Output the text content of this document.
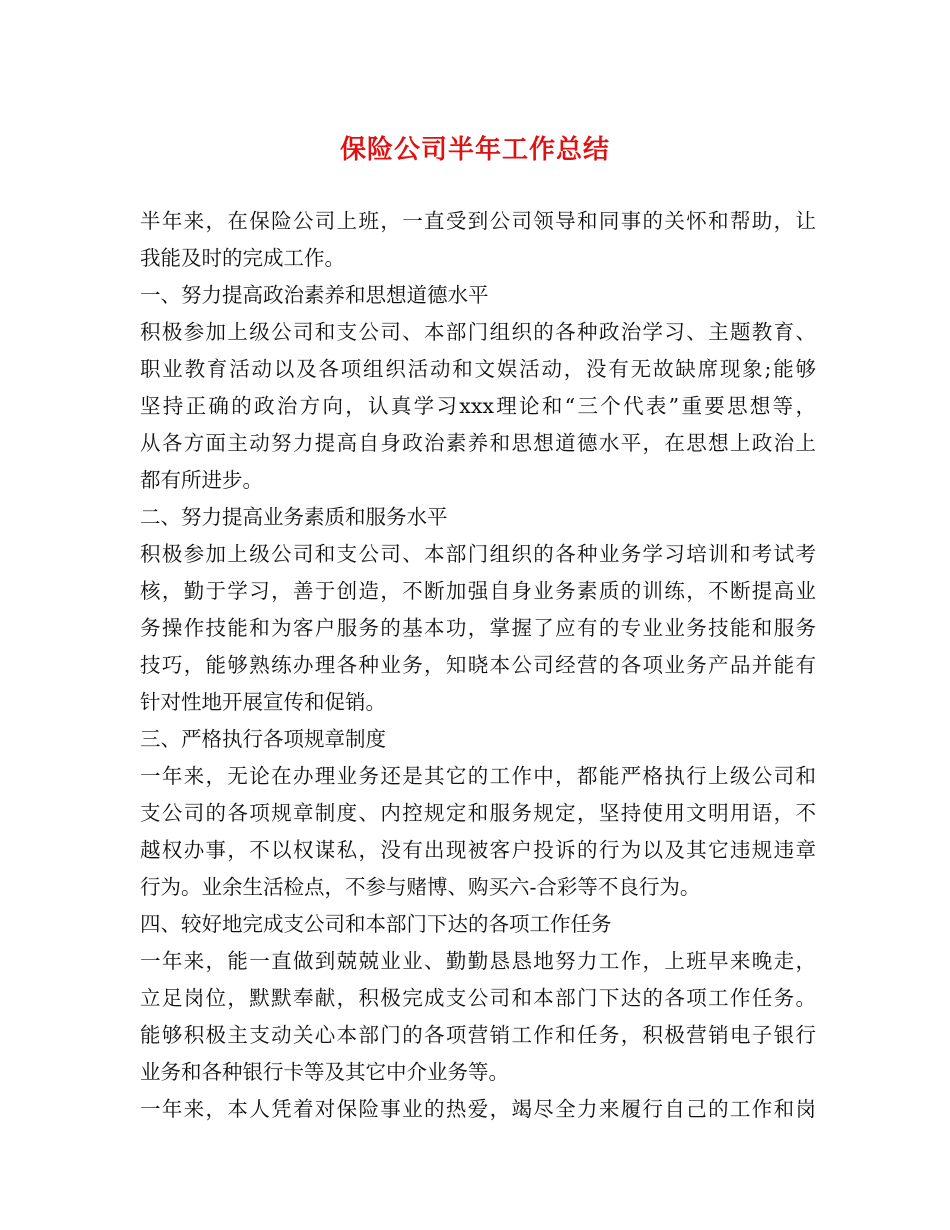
保险公司半年工作总结
半年来，在保险公司上班，一直受到公司领导和同事的关怀和帮助，让
我能及时的完成工作。
一、努力提高政治素养和思想道德水平
积极参加上级公司和支公司、本部门组织的各种政治学习、主题教育、
职业教育活动以及各项组织活动和文娱活动，没有无故缺席现象;能够
坚持正确的政治方向，认真学习xxx理论和“三个代表”重要思想等，
从各方面主动努力提高自身政治素养和思想道德水平，在思想上政治上
都有所进步。
二、努力提高业务素质和服务水平
积极参加上级公司和支公司、本部门组织的各种业务学习培训和考试考
核，勤于学习，善于创造，不断加强自身业务素质的训练，不断提高业
务操作技能和为客户服务的基本功，掌握了应有的专业业务技能和服务
技巧，能够熟练办理各种业务，知晓本公司经营的各项业务产品并能有
针对性地开展宣传和促销。
三、严格执行各项规章制度
一年来，无论在办理业务还是其它的工作中，都能严格执行上级公司和
支公司的各项规章制度、内控规定和服务规定，坚持使用文明用语，不
越权办事，不以权谋私，没有出现被客户投诉的行为以及其它违规违章
行为。业余生活检点，不参与赌博、购买六-合彩等不良行为。
四、较好地完成支公司和本部门下达的各项工作任务
一年来，能一直做到兢兢业业、勤勤恳恳地努力工作，上班早来晚走，
立足岗位，默默奉献，积极完成支公司和本部门下达的各项工作任务。
能够积极主支动关心本部门的各项营销工作和任务，积极营销电子银行
业务和各种银行卡等及其它中介业务等。
一年来，本人凭着对保险事业的热爱，竭尽全力来履行自己的工作和岗
